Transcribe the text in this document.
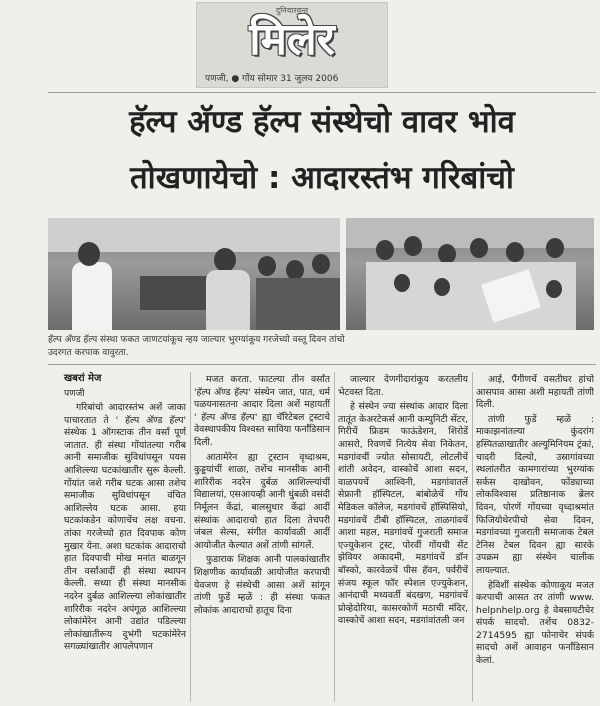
दुनियारवन्त
मिलेर
पणजी, ● गोंय सोमार 31 जुलय 2006
हॅल्प अ‍ॅण्ड हॅल्प संस्थेचो वावर भोव
तोखणायेचो : आदारस्तंभ गरिबांचो
हॅल्प अ‍ॅण्ड हॅल्प संस्था फकत जाणटयांकूच न्हय जाल्यार भुरग्यांकूय गरजेच्यो वस्तू दिवन तांचो उदरगत करपाक वावुरता.
खबरां मेज
पणजी

गरिबांचो आदारस्तंभ अशें जाका पाचारतात ते ' हॅल्प अ‍ॅण्ड हॅल्प' संस्थेक 1 ऑगस्टाक तीन वर्सां पूर्ण जातात. ही संस्था गोंयांतल्या गरीब आनी समाजीक सुविधांपसून पयस आशिल्ल्या घटकांखातीर सुरू केल्ली. गोंयांत जशे गरीब घटक आसा तशेच समाजीक सुविधांपसून वंचित आशिल्लेय घटक आसा. हया घटकांकडेन कोणाचेंच लक्ष वचना. तांका गरजेच्यो हात दिवपाक कोण मुखार येना. अशा घटकांक आदाराचो हात दिवपाची मोख मनांत बाळगून तीन वर्सांआदीं ही संस्था स्थापन केल्ली. सध्या ही संस्था मानसीक नदरेन दुर्बळ आशिल्ल्या लोकांखातीर शारिरीक नदरेन अपंगूळ आशिल्ल्या लोकांमेरेन आनी उद्यांत पडिल्ल्या लोकांखातीरूय दुभंगी घटकांमेरेन सगळ्यांखातीर आपलेपणान

मजत करता. फाटल्या तीन वर्सांत 'हॅल्प अ‍ॅण्ड हॅल्प' संस्थेन जात, पात, धर्म पळयनासतना आदार दिला अशें महायतीं ' हॅल्प अ‍ॅण्ड हॅल्प' ह्या चॅरिटेबल ट्रस्टाचे वेवस्थापकीय विश्वस्त साविया फर्नांडिसान दिली.

आतामेरेन ह्या ट्रस्टान वृध्दाश्रम, कुड्डयांचीं शाळा, तशेंच मानसीक आनी शारिरीक नदरेन दुर्बळ आशिल्ल्यांचीं विद्यालयां, एसआयव्ही आनी धुंबळी वसंदी निर्मूलन केंद्रां, बालसुधार केंद्रां आदीं संस्थांक आदाराचो हात दिला तेचपरी जंबल सेल्स, संगीत कार्यावळी आदीं आयोजीत केल्यात अशें तांणी सांगलें.

फुडाराक शिक्षक आनी पालकांखातीर शिक्षणीक कार्यावळी आयोजीत करपाची येवजण हे संस्थेची आसा अशें सांगून तांणी फुडें म्हळें : ही संस्था फकत लोकांक आदाराचो हातूच दिना

जाल्यार देणगीदारांकूय करतलीय भेटवस्त दिता.

हे संस्थेन ज्या संस्थांक आदार दिला तातूंत केअरटेकर्स आनी कम्युनिटी सेंटर, गिरीचें फ्रिडम फाऊंडेशन, शिरोडें आसरो, रिवणचें नित्येय सेवा निकेतन, मडगांवचीं ज्योत सोसायटी, लोटलीचें शांती अवेदन, वास्कोचें आशा सदन, वाळपयचें आश्विनी, मडगांवातलें सेफ्रानी हॉस्पिटल, बांबोळेचें गोंय मेडिकल कॉलेज, मडगांवचें हॉस्पिसियो, मडगांवचें टीबी हॉस्पिटल, ताळगांवचें आशा महल, मडगांवचें गुजराती समाज एज्युकेशन ट्रस्ट, पोरवीं गोंयची सेंट झेवियर अकादमी, मडगांवचें डॉन बॉस्को, कारवेळचें पीस हॅवन, पर्वरीचें संजय स्कूल फॉर स्पेशल एज्युकेशन, आनंदाची मध्यवर्ती बंदखण, मडगांवचें प्रोव्हेदोरिया, कासरकोणें मठाची मंदिर, वास्कोचें आशा सदन, मडगांवांतली जन

आई, पैंगीणचें वसतीघर हांचो आसपाव आसा अशी महायती तांणी दिली.

तांणी फुडें म्हळें : माकाझनांतल्या कुंदरांग हस्पितळाखातीर अल्युमिनियम ट्रंकां, चादरी दिल्यो, उस्रागांवच्या स्थलांतरीत कामगारांच्या भुरग्यांक सर्कस दाखोवन, फोंड्याच्या लोकविश्वास प्रतिष्ठानाक ब्रेलर दिवन, पोरणें गोंयच्या वृध्दाश्रमांत फिजियोथेरपीचो सेवा दिवन, मडगांवच्या गुजराती समाजाक टेबल टेनिस टेबल दिवन ह्या सारके उपक्रम ह्या संस्थेन चालीक लायल्यात.

हेविशीं संस्थेक कोणाकूय मजत करपाची आसत तर तांणी www. helpnhelp.org हे वेबसायटीचेर संपर्क सादचो. तशेंच 0832-2714595 ह्या फोनाचेर संपर्क सादचो अशें आवाहन फर्नांडिसान केलां.
